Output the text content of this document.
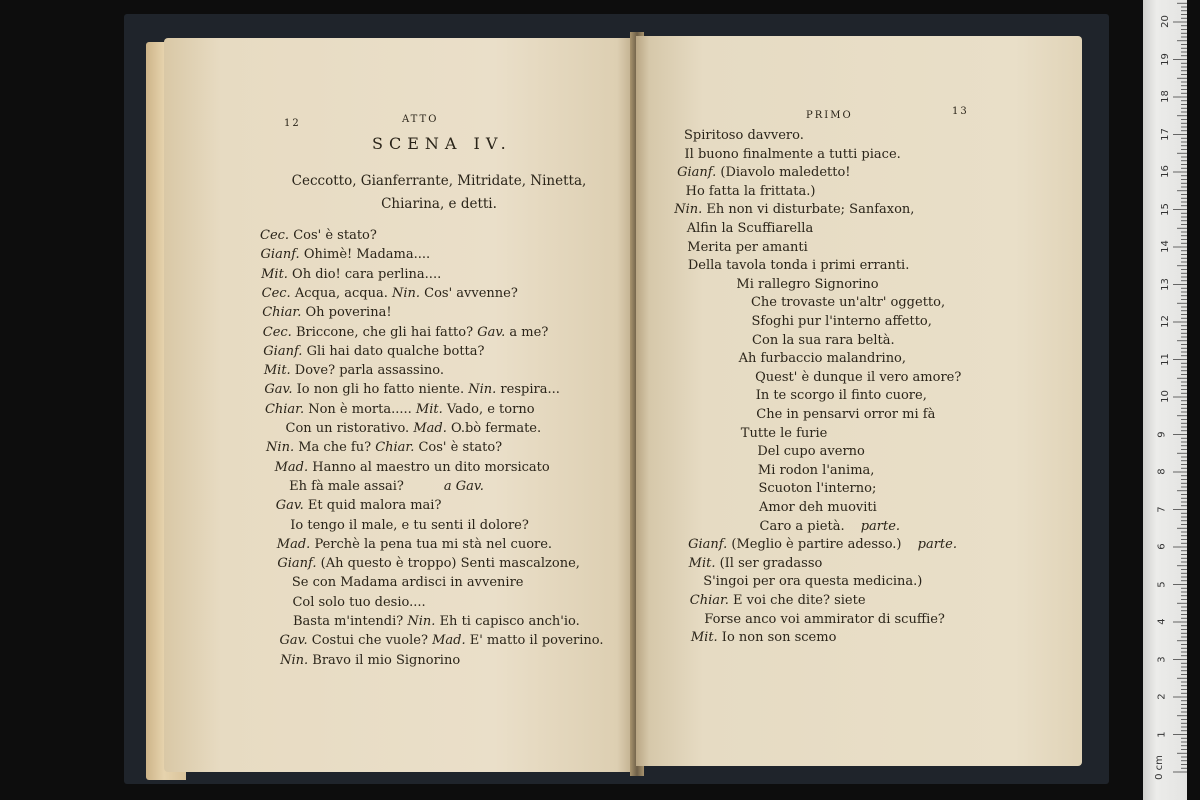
12	ATTO
SCENA IV.
Ceccotto, Gianferrante, Mitridate, Ninetta,
Chiarina, e detti.
Cec. Cos' è stato?
Gianf. Ohimè! Madama....
Mit. Oh dio! cara perlina....
Cec. Acqua, acqua. Nin. Cos' avvenne?
Chiar. Oh poverina!
Cec. Briccone, che gli hai fatto? Gav. a me?
Gianf. Gli hai dato qualche botta?
Mit. Dove? parla assassino.
Gav. Io non gli ho fatto niente. Nin. respira...
Chiar. Non è morta..... Mit. Vado, e torno
Con un ristorativo. Mad. O.bò fermate.
Nin. Ma che fu? Chiar. Cos' è stato?
Mad. Hanno al maestro un dito morsicato
Eh fà male assai?	a Gav.
Gav. Et quid malora mai?
Io tengo il male, e tu senti il dolore?
Mad. Perchè la pena tua mi stà nel cuore.
Gianf. (Ah questo è troppo) Senti mascalzone,
Se con Madama ardisci in avvenire
Col solo tuo desio....
Basta m'intendi? Nin. Eh ti capisco anch'io.
Gav. Costui che vuole? Mad. E' matto il poverino.
Nin. Bravo il mio Signorino
PRIMO	13
Spiritoso davvero.
Il buono finalmente a tutti piace.
Gianf. (Diavolo maledetto!
Ho fatta la frittata.)
Nin. Eh non vi disturbate; Sanfaxon,
Alfin la Scuffiarella
Merita per amanti
Della tavola tonda i primi erranti.
Mi rallegro Signorino
Che trovaste un'altr' oggetto,
Sfoghi pur l'interno affetto,
Con la sua rara beltà.
Ah furbaccio malandrino,
Quest' è dunque il vero amore?
In te scorgo il finto cuore,
Che in pensarvi orror mi fà
Tutte le furie
Del cupo averno
Mi rodon l'anima,
Scuoton l'interno;
Amor deh muoviti
Caro a pietà. parte.
Gianf. (Meglio è partire adesso.) parte.
Mit. (Il ser gradasso
S'ingoi per ora questa medicina.)
Chiar. E voi che dite? siete
Forse anco voi ammirator di scuffie?
Mit. Io non son scemo
0 cm
1
2
3
4
5
6
7
8
9
10
11
12
13
14
15
16
17
18
19
20
